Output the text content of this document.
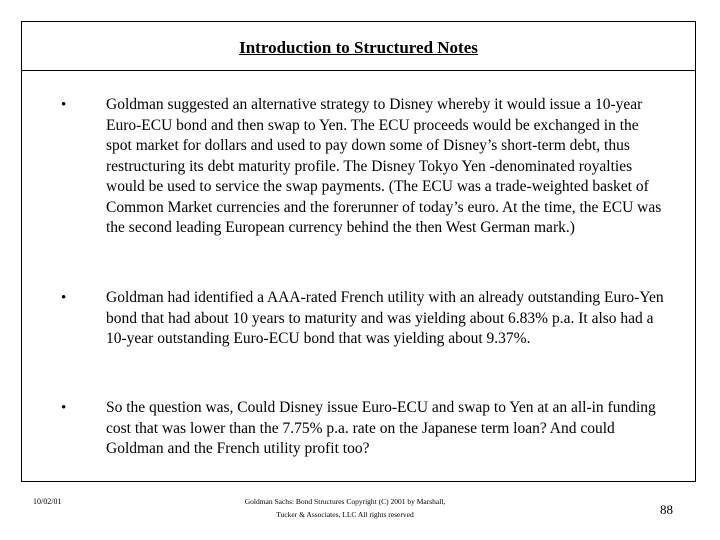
Introduction to Structured Notes
•	Goldman suggested an alternative strategy to Disney whereby it would issue a 10-year Euro-ECU bond and then swap to Yen. The ECU proceeds would be exchanged in the spot market for dollars and used to pay down some of Disney’s short-term debt, thus restructuring its debt maturity profile. The Disney Tokyo Yen -denominated royalties would be used to service the swap payments. (The ECU was a trade-weighted basket of Common Market currencies and the forerunner of today’s euro. At the time, the ECU was the second leading European currency behind the then West German mark.)
•	Goldman had identified a AAA-rated French utility with an already outstanding Euro-Yen bond that had about 10 years to maturity and was yielding about 6.83% p.a. It also had a 10-year outstanding Euro-ECU bond that was yielding about 9.37%.
•	So the question was, Could Disney issue Euro-ECU and swap to Yen at an all-in funding cost that was lower than the 7.75% p.a. rate on the Japanese term loan? And could Goldman and the French utility profit too?
10/02/01	Goldman Sachs: Bond Structures Copyright (C) 2001 by Marshall, Tucker & Associates, LLC All rights reserved	88
